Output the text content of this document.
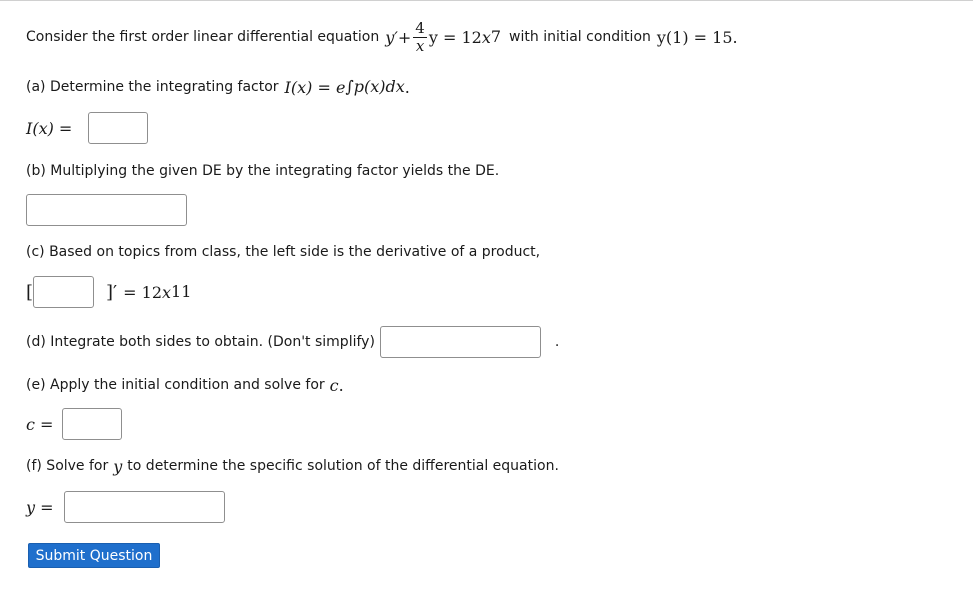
Consider the first order linear differential equation $y'+ \frac{4}{x}$ y = 12 x 7 with initial condition y(1) = 15.
(a) Determine the integrating factor I(x) = e ∫p(x)dx .
I(x) =
(b) Multiplying the given DE by the integrating factor yields the DE.
(c) Based on topics from class, the left side is the derivative of a product,
[	]′ = 12 x 11
(d) Integrate both sides to obtain. (Don't simplify)	.
(e) Apply the initial condition and solve for c .
c =
(f) Solve for y to determine the specific solution of the differential equation.
y =
Submit Question
